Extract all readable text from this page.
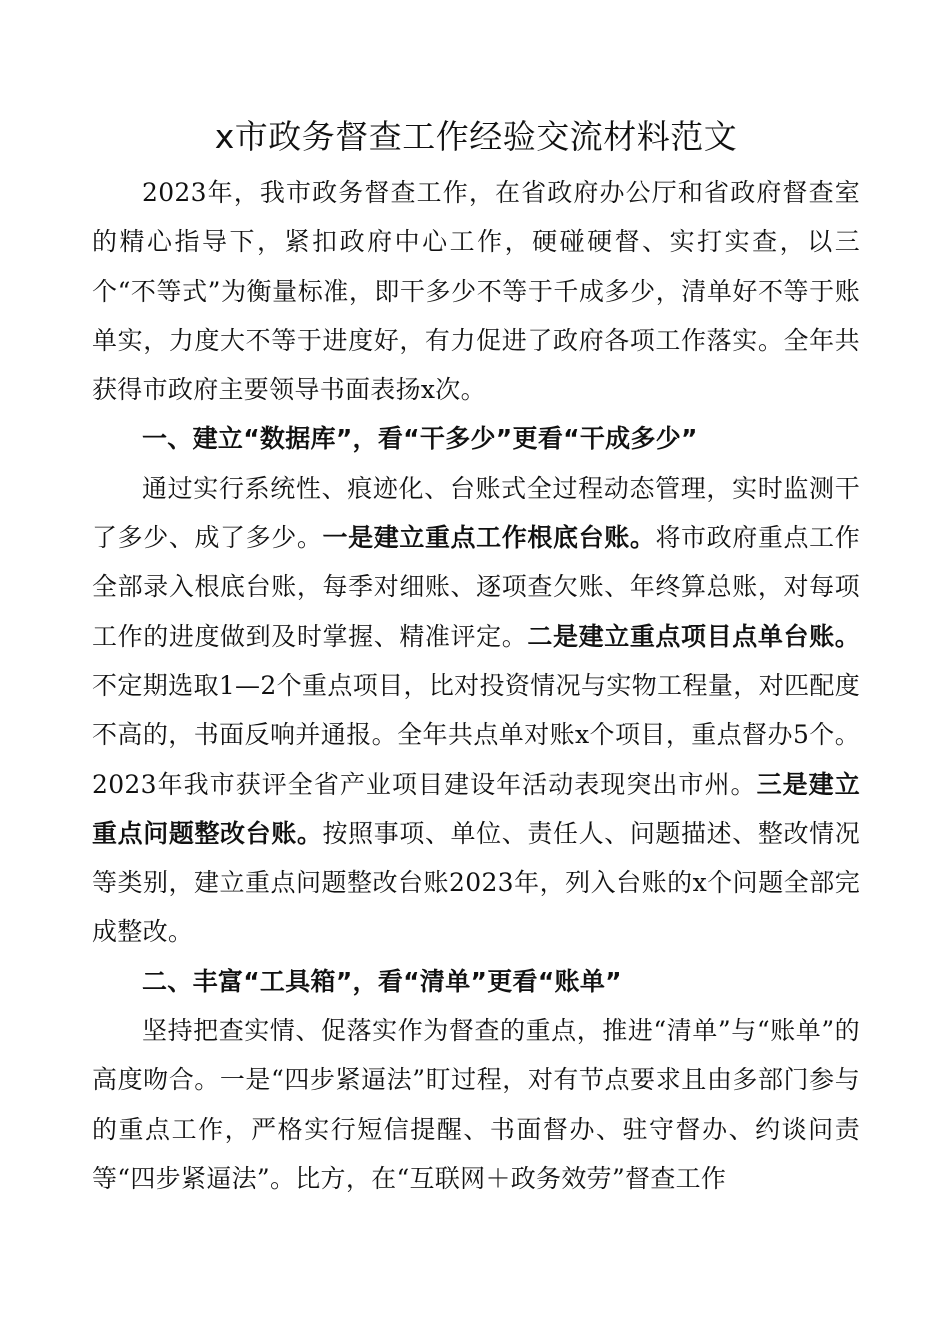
x市政务督查工作经验交流材料范文

2023年，我市政务督查工作，在省政府办公厅和省政府督查室的精心指导下，紧扣政府中心工作，硬碰硬督、实打实查，以三个“不等式”为衡量标准，即干多少不等于千成多少，清单好不等于账单实，力度大不等于进度好，有力促进了政府各项工作落实。全年共获得市政府主要领导书面表扬x次。

一、建立“数据库”，看“干多少”更看“干成多少”

通过实行系统性、痕迹化、台账式全过程动态管理，实时监测干了多少、成了多少。一是建立重点工作根底台账。将市政府重点工作全部录入根底台账，每季对细账、逐项查欠账、年终算总账，对每项工作的进度做到及时掌握、精准评定。二是建立重点项目点单台账。不定期选取1—2个重点项目，比对投资情况与实物工程量，对匹配度不高的，书面反响并通报。全年共点单对账x个项目，重点督办5个。2023年我市获评全省产业项目建设年活动表现突出市州。三是建立重点问题整改台账。按照事项、单位、责任人、问题描述、整改情况等类别，建立重点问题整改台账2023年，列入台账的x个问题全部完成整改。

二、丰富“工具箱”，看“清单”更看“账单”

坚持把查实情、促落实作为督查的重点，推进“清单”与“账单”的高度吻合。一是“四步紧逼法”盯过程，对有节点要求且由多部门参与的重点工作，严格实行短信提醒、书面督办、驻守督办、约谈问责等“四步紧逼法”。比方，在“互联网＋政务效劳”督查工作
